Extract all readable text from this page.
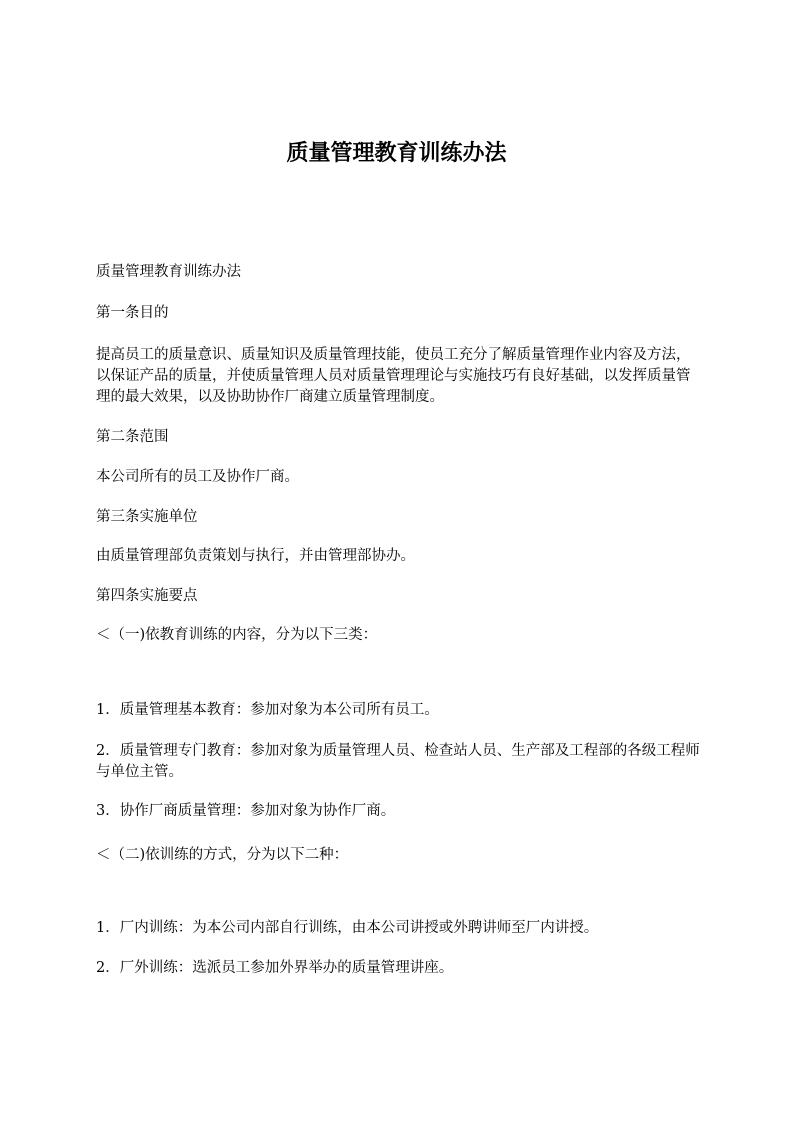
质量管理教育训练办法

质量管理教育训练办法

第一条目的

提高员工的质量意识、质量知识及质量管理技能，使员工充分了解质量管理作业内容及方法，以保证产品的质量，并使质量管理人员对质量管理理论与实施技巧有良好基础，以发挥质量管理的最大效果，以及协助协作厂商建立质量管理制度。

第二条范围

本公司所有的员工及协作厂商。

第三条实施单位

由质量管理部负责策划与执行，并由管理部协办。

第四条实施要点

＜（一)依教育训练的内容，分为以下三类：

1．质量管理基本教育：参加对象为本公司所有员工。

2．质量管理专门教育：参加对象为质量管理人员、检查站人员、生产部及工程部的各级工程师与单位主管。

3．协作厂商质量管理：参加对象为协作厂商。

＜（二)依训练的方式，分为以下二种：

1．厂内训练：为本公司内部自行训练，由本公司讲授或外聘讲师至厂内讲授。

2．厂外训练：选派员工参加外界举办的质量管理讲座。
